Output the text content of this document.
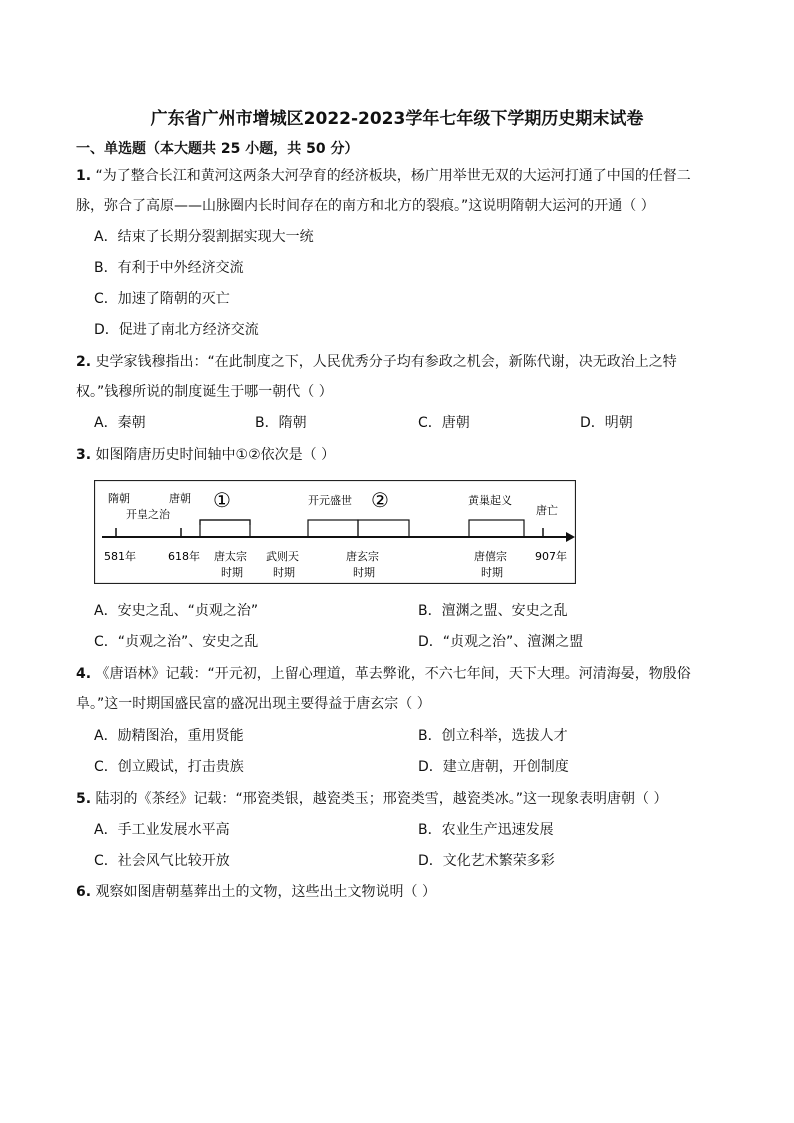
广东省广州市增城区2022-2023学年七年级下学期历史期末试卷
一、单选题（本大题共 25 小题，共 50 分）
1. “为了整合长江和黄河这两条大河孕育的经济板块，杨广用举世无双的大运河打通了中国的任督二
脉，弥合了高原——山脉圈内长时间存在的南方和北方的裂痕。”这说明隋朝大运河的开通（ ）
A．结束了长期分裂割据实现大一统
B．有利于中外经济交流
C．加速了隋朝的灭亡
D．促进了南北方经济交流
2. 史学家钱穆指出：“在此制度之下，人民优秀分子均有参政之机会，新陈代谢，决无政治上之特
权。”钱穆所说的制度诞生于哪一朝代（ ）
A．秦朝	B．隋朝	C．唐朝	D．明朝
3. 如图隋唐历史时间轴中①②依次是（ ）
隋朝
开皇之治
唐朝 ①	开元盛世 ②	黄巢起义
唐亡
581年	618年	907年
唐太宗
时期
武则天
时期
唐玄宗
时期
唐僖宗
时期
A．安史之乱、“贞观之治”	B．澶渊之盟、安史之乱
C．“贞观之治”、安史之乱	D．“贞观之治”、澶渊之盟
4. 《唐语林》记载：“开元初，上留心理道，革去弊讹，不六七年间，天下大理。河清海晏，物殷俗
阜。”这一时期国盛民富的盛况出现主要得益于唐玄宗（ ）
A．励精图治，重用贤能	B．创立科举，选拔人才
C．创立殿试，打击贵族	D．建立唐朝，开创制度
5. 陆羽的《茶经》记载：“邢瓷类银，越瓷类玉；邢瓷类雪，越瓷类冰。”这一现象表明唐朝（ ）
A．手工业发展水平高	B．农业生产迅速发展
C．社会风气比较开放	D．文化艺术繁荣多彩
6. 观察如图唐朝墓葬出土的文物，这些出土文物说明（ ）
